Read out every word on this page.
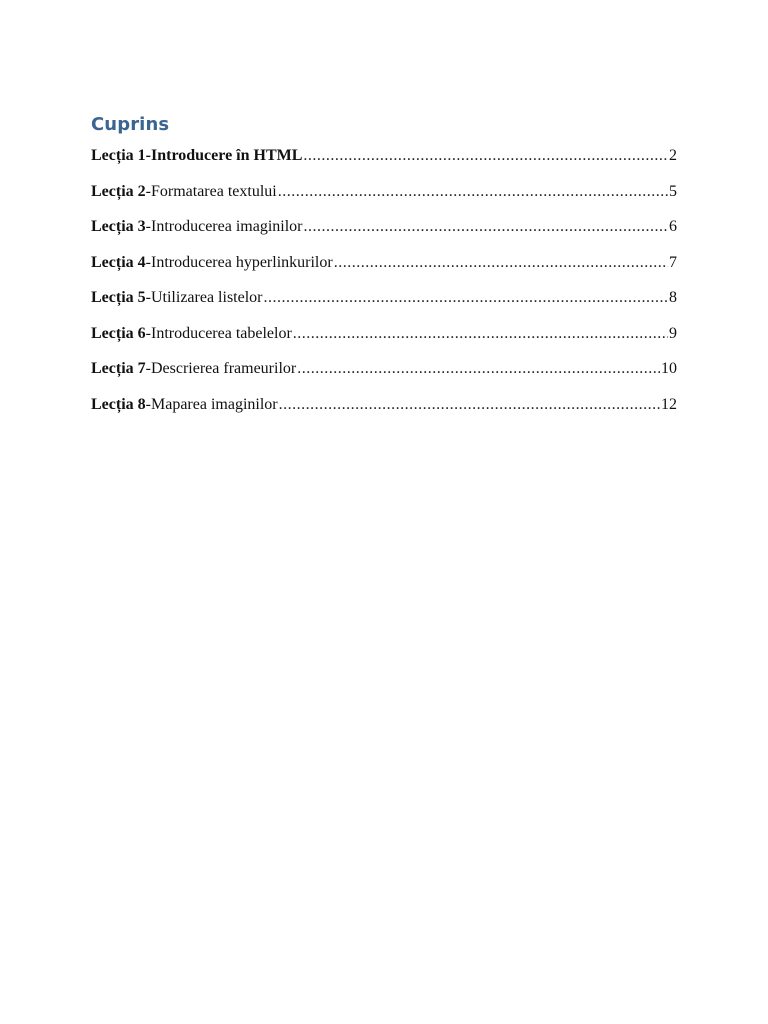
Cuprins
Lecția 1 - Introducere în HTML .....	2
Lecția 2 - Formatarea textului .....	5
Lecția 3 - Introducerea imaginilor .....	6
Lecția 4 - Introducerea hyperlinkurilor .....	7
Lecția 5 - Utilizarea listelor .....	8
Lecția 6 - Introducerea tabelelor .....	9
Lecția 7 - Descrierea frameurilor .....	10
Lecția 8 - Maparea imaginilor .....	12
